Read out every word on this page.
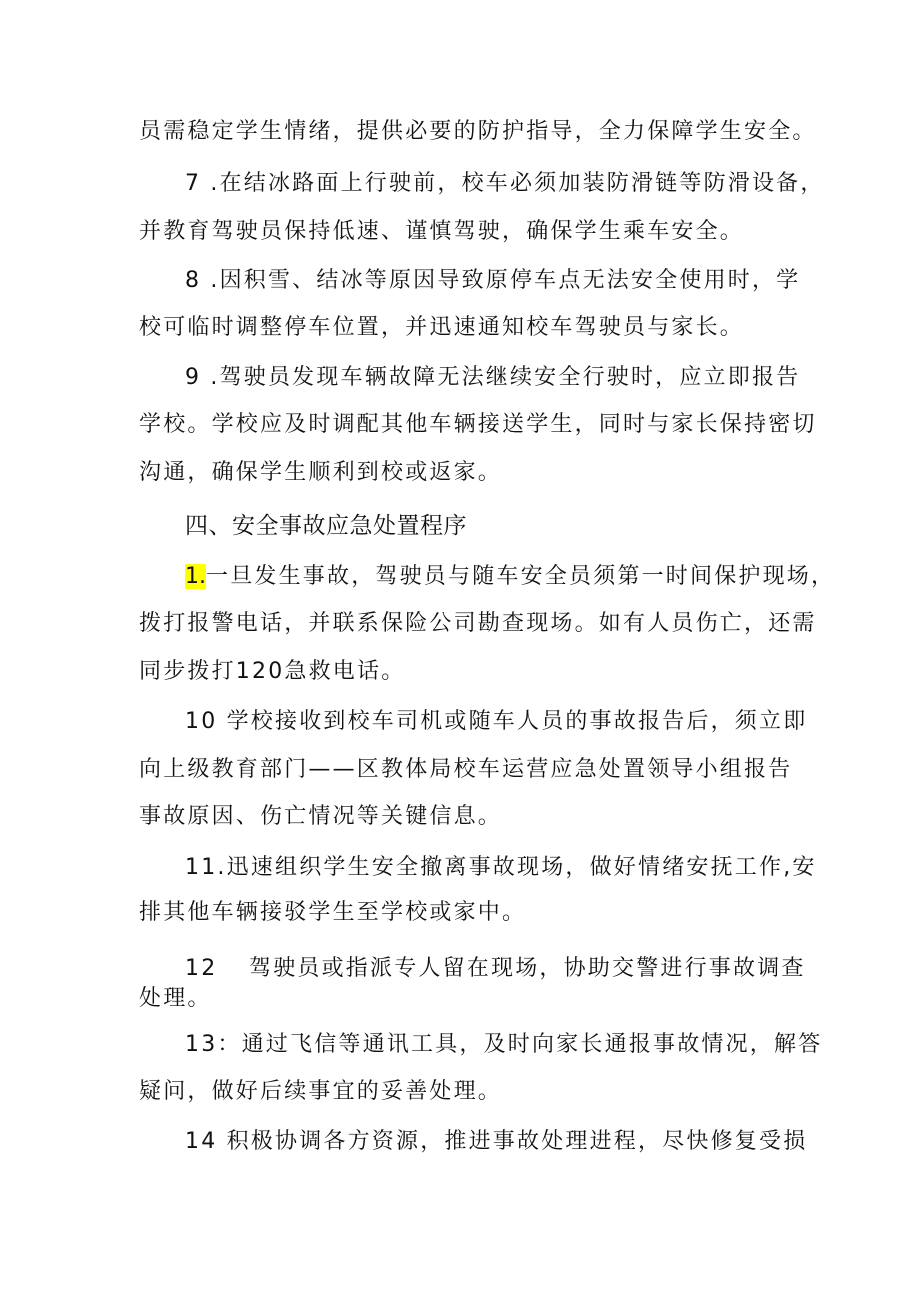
员需稳定学生情绪，提供必要的防护指导，全力保障学生安全。
7 .在结冰路面上行驶前，校车必须加装防滑链等防滑设备，
并教育驾驶员保持低速、谨慎驾驶，确保学生乘车安全。
8 .因积雪、结冰等原因导致原停车点无法安全使用时，学
校可临时调整停车位置，并迅速通知校车驾驶员与家长。
9 .驾驶员发现车辆故障无法继续安全行驶时，应立即报告
学校。学校应及时调配其他车辆接送学生，同时与家长保持密切
沟通，确保学生顺利到校或返家。
四、安全事故应急处置程序
1.一旦发生事故，驾驶员与随车安全员须第一时间保护现场，
拨打报警电话，并联系保险公司勘查现场。如有人员伤亡，还需
同步拨打120急救电话。
10 学校接收到校车司机或随车人员的事故报告后，须立即
向上级教育部门——区教体局校车运营应急处置领导小组报告
事故原因、伤亡情况等关键信息。
11.迅速组织学生安全撤离事故现场，做好情绪安抚工作,安
排其他车辆接驳学生至学校或家中。
12 驾驶员或指派专人留在现场，协助交警进行事故调查
处理。
13：通过飞信等通讯工具，及时向家长通报事故情况，解答
疑问，做好后续事宜的妥善处理。
14 积极协调各方资源，推进事故处理进程，尽快修复受损
